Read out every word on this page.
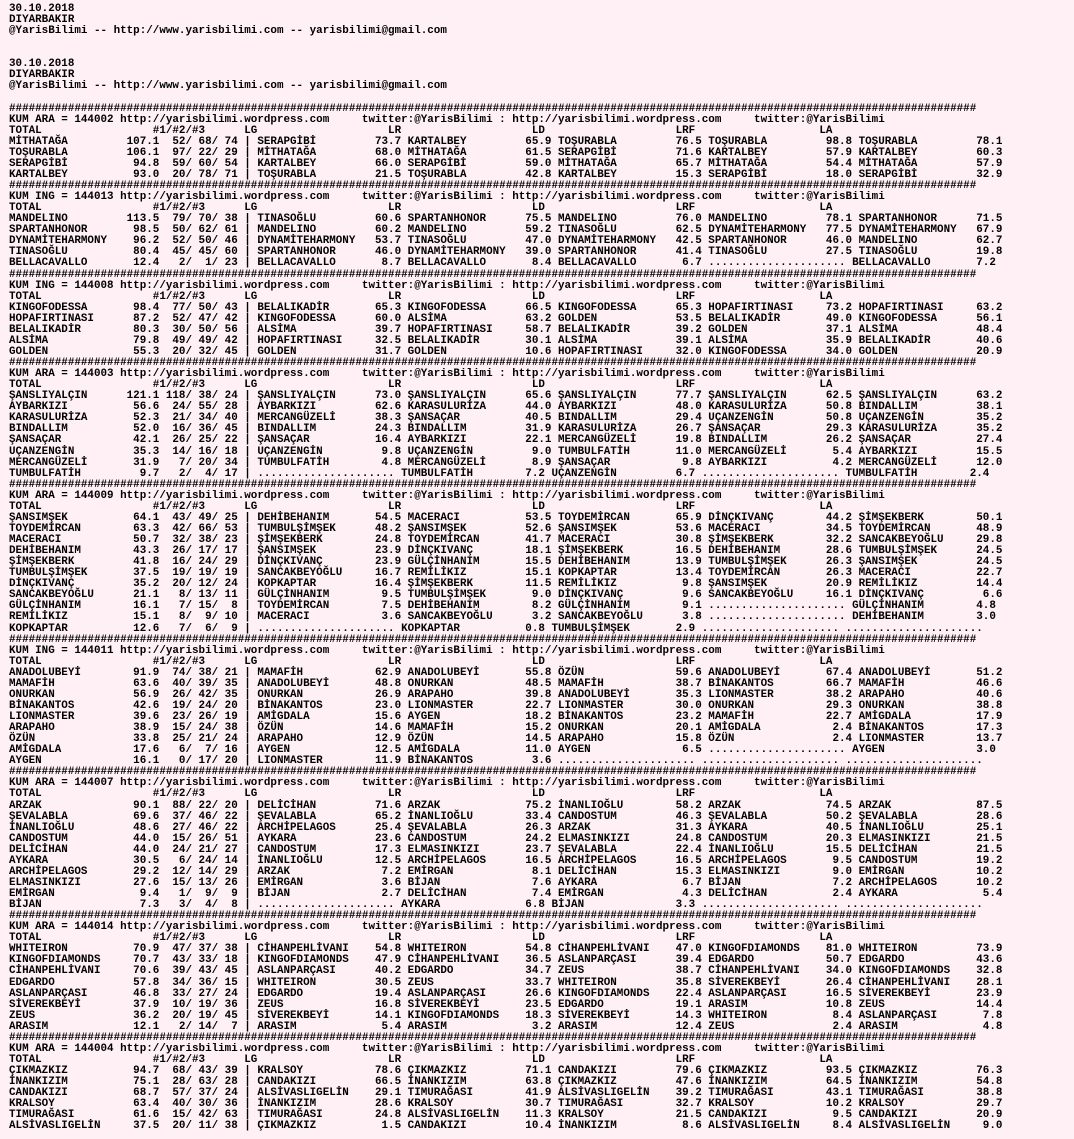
30.10.2018
DIYARBAKIR
@YarisBilimi -- http://www.yarisbilimi.com -- yarisbilimi@gmail.com

30.10.2018
DIYARBAKIR
@YarisBilimi -- http://www.yarisbilimi.com -- yarisbilimi@gmail.com

####################################################################################################################################################
KUM ARA = 144002 http://yarisbilimi.wordpress.com     twitter:@YarisBilimi : http://yarisbilimi.wordpress.com     twitter:@YarisBilimi
TOTAL                 #1/#2/#3      LG                    LR                    LD                    LRF                   LA
MİTHATAĞA         107.1  52/ 68/ 74 | SERAPGİBİ         73.7 KARTALBEY         65.9 TOŞURABLA         76.5 TOŞURABLA         98.8 TOŞURABLA         78.1
TOŞURABLA         106.1  97/ 22/ 29 | MİTHATAĞA         68.0 MİTHATAĞA         61.5 SERAPGİBİ         71.6 KARTALBEY         57.9 KARTALBEY         60.3
SERAPGİBİ          94.8  59/ 60/ 54 | KARTALBEY         66.0 SERAPGİBİ         59.0 MİTHATAĞA         65.7 MİTHATAĞA         54.4 MİTHATAĞA         57.9
KARTALBEY          93.0  20/ 78/ 71 | TOŞURABLA         21.5 TOŞURABLA         42.8 KARTALBEY         15.3 SERAPGİBİ         18.0 SERAPGİBİ         32.9
####################################################################################################################################################
KUM ING = 144013 http://yarisbilimi.wordpress.com     twitter:@YarisBilimi : http://yarisbilimi.wordpress.com     twitter:@YarisBilimi
TOTAL                 #1/#2/#3      LG                    LR                    LD                    LRF                   LA
MANDELINO         113.5  79/ 70/ 38 | TINASOĞLU         60.6 SPARTANHONOR      75.5 MANDELINO         76.0 MANDELINO         78.1 SPARTANHONOR      71.5
SPARTANHONOR       98.5  50/ 62/ 61 | MANDELINO         60.2 MANDELINO         59.2 TINASOĞLU         62.5 DYNAMİTEHARMONY   77.5 DYNAMİTEHARMONY   67.9
DYNAMİTEHARMONY    96.2  52/ 50/ 46 | DYNAMİTEHARMONY   53.7 TINASOĞLU         47.0 DYNAMİTEHARMONY   42.5 SPARTANHONOR      46.0 MANDELINO         62.7
TINASOĞLU          80.4  45/ 45/ 60 | SPARTANHONOR      46.0 DYNAMİTEHARMONY   39.0 SPARTANHONOR      41.4 TINASOĞLU         27.5 TINASOĞLU         19.8
BELLACAVALLO       12.4   2/  1/ 23 | BELLACAVALLO       8.7 BELLACAVALLO       8.4 BELLACAVALLO       6.7 ..................... BELLACAVALLO       7.2
####################################################################################################################################################
KUM ING = 144008 http://yarisbilimi.wordpress.com     twitter:@YarisBilimi : http://yarisbilimi.wordpress.com     twitter:@YarisBilimi
TOTAL                 #1/#2/#3      LG                    LR                    LD                    LRF                   LA
KINGOFODESSA       98.4  77/ 50/ 43 | BELALIKADİR       65.3 KINGOFODESSA      66.5 KINGOFODESSA      65.3 HOPAFIRTINASI     73.2 HOPAFIRTINASI     63.2
HOPAFIRTINASI      87.2  52/ 47/ 42 | KINGOFODESSA      60.0 ALSİMA            63.2 GOLDEN            53.5 BELALIKADİR       49.0 KINGOFODESSA      56.1
BELALIKADİR        80.3  30/ 50/ 56 | ALSİMA            39.7 HOPAFIRTINASI     58.7 BELALIKADİR       39.2 GOLDEN            37.1 ALSİMA            48.4
ALSİMA             79.8  49/ 49/ 42 | HOPAFIRTINASI     32.5 BELALIKADİR       30.1 ALSİMA            39.1 ALSİMA            35.9 BELALIKADİR       40.6
GOLDEN             55.3  20/ 32/ 45 | GOLDEN            31.7 GOLDEN            10.6 HOPAFIRTINASI     32.0 KINGOFODESSA      34.0 GOLDEN            20.9
####################################################################################################################################################
KUM ARA = 144003 http://yarisbilimi.wordpress.com     twitter:@YarisBilimi : http://yarisbilimi.wordpress.com     twitter:@YarisBilimi
TOTAL                 #1/#2/#3      LG                    LR                    LD                    LRF                   LA
ŞANSLIYALÇIN      121.1 118/ 38/ 24 | ŞANSLIYALÇIN      73.0 ŞANSLIYALÇIN      65.6 ŞANSLIYALÇIN      77.7 ŞANSLIYALÇIN      62.5 ŞANSLIYALÇIN      63.2
AYBARKIZI          56.6  24/ 55/ 28 | AYBARKIZI         62.6 KARASULURİZA      44.0 AYBARKIZI         48.0 KARASULURİZA      50.8 BINDALLIM         38.1
KARASULURİZA       52.3  21/ 34/ 40 | MERCANGÜZELİ      38.3 ŞANSAÇAR          40.5 BINDALLIM         29.4 UÇANZENGİN        50.8 UÇANZENGİN        35.2
BINDALLIM          52.0  16/ 36/ 45 | BINDALLIM         24.3 BINDALLIM         31.9 KARASULURİZA      26.7 ŞANSAÇAR          29.3 KARASULURİZA      35.2
ŞANSAÇAR           42.1  26/ 25/ 22 | ŞANSAÇAR          16.4 AYBARKIZI         22.1 MERCANGÜZELİ      19.8 BINDALLIM         26.2 ŞANSAÇAR          27.4
UÇANZENGİN         35.3  14/ 16/ 18 | UÇANZENGİN         9.8 UÇANZENGİN         9.0 TUMBULFATİH       11.0 MERCANGÜZELİ       5.4 AYBARKIZI         15.5
MERCANGÜZELİ       31.9   7/ 20/ 34 | TUMBULFATİH        4.8 MERCANGÜZELİ       8.9 ŞANSAÇAR           9.8 AYBARKIZI          4.2 MERCANGÜZELİ      12.0
TUMBULFATİH         9.7   2/  4/ 17 | ..................... TUMBULFATİH        7.2 UÇANZENGİN         6.7 ..................... TUMBULFATİH        2.4
####################################################################################################################################################
KUM ARA = 144009 http://yarisbilimi.wordpress.com     twitter:@YarisBilimi : http://yarisbilimi.wordpress.com     twitter:@YarisBilimi
TOTAL                 #1/#2/#3      LG                    LR                    LD                    LRF                   LA
ŞANSIMŞEK          64.1  43/ 49/ 25 | DEHİBEHANIM       54.5 MACERACI          53.5 TOYDEMİRCAN       65.9 DİNÇKIVANÇ        44.2 ŞİMŞEKBERK        50.1
TOYDEMİRCAN        63.3  42/ 66/ 53 | TUMBULŞİMŞEK      48.2 ŞANSIMŞEK         52.6 ŞANSIMŞEK         53.6 MACERACI          34.5 TOYDEMİRCAN       48.9
MACERACI           50.7  32/ 38/ 23 | ŞİMŞEKBERK        24.8 TOYDEMİRCAN       41.7 MACERACI          30.8 ŞİMŞEKBERK        32.2 SANCAKBEYOĞLU     29.8
DEHİBEHANIM        43.3  26/ 17/ 17 | ŞANSIMŞEK         23.9 DİNÇKIVANÇ        18.1 ŞİMŞEKBERK        16.5 DEHİBEHANIM       28.6 TUMBULŞİMŞEK      24.5
ŞİMŞEKBERK         41.8  16/ 24/ 29 | DİNÇKIVANÇ        23.9 GÜLÇİNHANIM       15.5 DEHİBEHANIM       13.9 TUMBULŞİMŞEK      26.3 ŞANSIMŞEK         24.5
TUMBULŞİMŞEK       37.5  19/ 19/ 19 | SANCAKBEYOĞLU     16.7 REMİLİKIZ         15.1 KOPKAPTAR         13.4 TOYDEMİRCAN       26.3 MACERACI          22.7
DİNÇKIVANÇ         35.2  20/ 12/ 24 | KOPKAPTAR         16.4 ŞİMŞEKBERK        11.5 REMİLİKIZ          9.8 ŞANSIMŞEK         20.9 REMİLİKIZ         14.4
SANCAKBEYOĞLU      21.1   8/ 13/ 11 | GÜLÇİNHANIM        9.5 TUMBULŞİMŞEK       9.0 DİNÇKIVANÇ         9.6 SANCAKBEYOĞLU     16.1 DİNÇKIVANÇ         6.6
GÜLÇİNHANIM        16.1   7/ 15/  8 | TOYDEMİRCAN        7.5 DEHİBEHANIM        8.2 GÜLÇİNHANIM        9.1 ..................... GÜLÇİNHANIM        4.8
REMİLİKIZ          15.1   8/  9/ 10 | MACERACI           3.6 SANCAKBEYOĞLU      3.2 SANCAKBEYOĞLU      3.8 ..................... DEHİBEHANIM        3.0
KOPKAPTAR          12.6   7/  6/  9 | ..................... KOPKAPTAR          0.8 TUMBULŞİMŞEK       2.9 ..................... .....................
####################################################################################################################################################
KUM ING = 144011 http://yarisbilimi.wordpress.com     twitter:@YarisBilimi : http://yarisbilimi.wordpress.com     twitter:@YarisBilimi
TOTAL                 #1/#2/#3      LG                    LR                    LD                    LRF                   LA
ANADOLUBEYİ        91.9  74/ 38/ 21 | MAMAFİH           62.9 ANADOLUBEYİ       55.8 ÖZÜN              59.6 ANADOLUBEYİ       67.4 ANADOLUBEYİ       51.2
MAMAFİH            63.6  40/ 39/ 35 | ANADOLUBEYİ       48.8 ONURKAN           48.5 MAMAFİH           38.7 BİNAKANTOS        66.7 MAMAFİH           46.6
ONURKAN            56.9  26/ 42/ 35 | ONURKAN           26.9 ARAPAHO           39.8 ANADOLUBEYİ       35.3 LIONMASTER        38.2 ARAPAHO           40.6
BİNAKANTOS         42.6  19/ 24/ 20 | BİNAKANTOS        23.0 LIONMASTER        22.7 LIONMASTER        30.0 ONURKAN           29.3 ONURKAN           38.8
LIONMASTER         39.6  23/ 26/ 19 | AMİGDALA          15.6 AYGEN             18.2 BİNAKANTOS        23.2 MAMAFİH           22.7 AMİGDALA          17.9
ARAPAHO            38.9  15/ 24/ 38 | ÖZÜN              14.6 MAMAFİH           15.2 ONURKAN           20.1 AMİGDALA           2.4 BİNAKANTOS        17.3
ÖZÜN               33.8  25/ 21/ 24 | ARAPAHO           12.9 ÖZÜN              14.5 ARAPAHO           15.8 ÖZÜN               2.4 LIONMASTER        13.7
AMİGDALA           17.6   6/  7/ 16 | AYGEN             12.5 AMİGDALA          11.0 AYGEN              6.5 ..................... AYGEN              3.0
AYGEN              16.1   0/ 17/ 20 | LIONMASTER        11.9 BİNAKANTOS         3.6 ..................... ..................... .....................
####################################################################################################################################################
KUM ARA = 144007 http://yarisbilimi.wordpress.com     twitter:@YarisBilimi : http://yarisbilimi.wordpress.com     twitter:@YarisBilimi
TOTAL                 #1/#2/#3      LG                    LR                    LD                    LRF                   LA
ARZAK              90.1  88/ 22/ 20 | DELİCİHAN         71.6 ARZAK             75.2 İNANLIOĞLU        58.2 ARZAK             74.5 ARZAK             87.5
ŞEVALABLA          69.6  37/ 46/ 22 | ŞEVALABLA         65.2 İNANLIOĞLU        33.4 CANDOSTUM         46.3 ŞEVALABLA         50.2 ŞEVALABLA         28.6
İNANLIOĞLU         48.6  27/ 46/ 22 | ARCHİPELAGOS      25.4 ŞEVALABLA         26.3 ARZAK             31.3 AYKARA            40.5 İNANLIOĞLU        25.1
CANDOSTUM          44.0  15/ 26/ 51 | AYKARA            23.6 CANDOSTUM         24.2 ELMASINKIZI       24.8 CANDOSTUM         20.3 ELMASINKIZI       21.5
DELİCİHAN          44.0  24/ 21/ 27 | CANDOSTUM         17.3 ELMASINKIZI       23.7 ŞEVALABLA         22.4 İNANLIOĞLU        15.5 DELİCİHAN         21.5
AYKARA             30.5   6/ 24/ 14 | İNANLIOĞLU        12.5 ARCHİPELAGOS      16.5 ARCHİPELAGOS      16.5 ARCHİPELAGOS       9.5 CANDOSTUM         19.2
ARCHİPELAGOS       29.2  12/ 14/ 29 | ARZAK              7.2 EMİRGAN            8.1 DELİCİHAN         15.3 ELMASINKIZI        9.0 EMİRGAN           10.2
ELMASINKIZI        27.6  15/ 13/ 26 | EMİRGAN            3.6 BİJAN              7.6 AYKARA             6.7 BİJAN              7.2 ARCHİPELAGOS      10.2
EMİRGAN             9.4   1/  9/  9 | BİJAN              2.7 DELİCİHAN          7.4 EMİRGAN            4.3 DELİCİHAN          2.4 AYKARA             5.4
BİJAN               7.3   3/  4/  8 | ..................... AYKARA             6.8 BİJAN              3.3 ..................... .....................
####################################################################################################################################################
KUM ARA = 144014 http://yarisbilimi.wordpress.com     twitter:@YarisBilimi : http://yarisbilimi.wordpress.com     twitter:@YarisBilimi
TOTAL                 #1/#2/#3      LG                    LR                    LD                    LRF                   LA
WHITEIRON          70.9  47/ 37/ 38 | CİHANPEHLİVANI    54.8 WHITEIRON         54.8 CİHANPEHLİVANI    47.0 KINGOFDIAMONDS    81.0 WHITEIRON         73.9
KINGOFDIAMONDS     70.7  43/ 33/ 18 | KINGOFDIAMONDS    47.9 CİHANPEHLİVANI    36.5 ASLANPARÇASI      39.4 EDGARDO           50.7 EDGARDO           43.6
CİHANPEHLİVANI     70.6  39/ 43/ 45 | ASLANPARÇASI      40.2 EDGARDO           34.7 ZEUS              38.7 CİHANPEHLİVANI    34.0 KINGOFDIAMONDS    32.8
EDGARDO            57.8  34/ 36/ 15 | WHITEIRON         30.5 ZEUS              33.7 WHITEIRON         35.8 SİVEREKBEYİ       26.4 CİHANPEHLİVANI    28.1
ASLANPARÇASI       46.8  33/ 27/ 24 | EDGARDO           19.4 ASLANPARÇASI      26.6 KINGOFDIAMONDS    22.4 ASLANPARÇASI      16.5 SİVEREKBEYİ       23.9
SİVEREKBEYİ        37.9  10/ 19/ 36 | ZEUS              16.8 SİVEREKBEYİ       23.5 EDGARDO           19.1 ARASIM            10.8 ZEUS              14.4
ZEUS               36.2  20/ 19/ 45 | SİVEREKBEYİ       14.1 KINGOFDIAMONDS    18.3 SİVEREKBEYİ       14.3 WHITEIRON          8.4 ASLANPARÇASI       7.8
ARASIM             12.1   2/ 14/  7 | ARASIM             5.4 ARASIM             3.2 ARASIM            12.4 ZEUS               2.4 ARASIM             4.8
####################################################################################################################################################
KUM ARA = 144004 http://yarisbilimi.wordpress.com     twitter:@YarisBilimi : http://yarisbilimi.wordpress.com     twitter:@YarisBilimi
TOTAL                 #1/#2/#3      LG                    LR                    LD                    LRF                   LA
ÇIKMAZKIZ          94.7  68/ 43/ 39 | KRALSOY           78.6 ÇIKMAZKIZ         71.1 CANDAKIZI         79.6 ÇIKMAZKIZ         93.5 ÇIKMAZKIZ         76.3
İNANKIZIM          75.1  28/ 63/ 28 | CANDAKIZI         66.5 İNANKIZIM         63.8 ÇIKMAZKIZ         47.6 İNANKIZIM         64.5 İNANKIZIM         54.8
CANDAKIZI          68.7  57/ 37/ 24 | ALSİVASLIGELİN    29.1 TIMURAĞASI        41.9 ALSİVASLIGELİN    39.2 TIMURAĞASI        43.1 TIMURAĞASI        38.8
KRALSOY            63.4  40/ 30/ 36 | İNANKIZIM         28.6 KRALSOY           30.7 TIMURAĞASI        32.7 KRALSOY           10.2 KRALSOY           29.7
TIMURAĞASI         61.6  15/ 42/ 63 | TIMURAĞASI        24.8 ALSİVASLIGELİN    11.3 KRALSOY           21.5 CANDAKIZI          9.5 CANDAKIZI         20.9
ALSİVASLIGELİN     37.5  20/ 11/ 38 | ÇIKMAZKIZ          1.5 CANDAKIZI         10.4 İNANKIZIM          8.6 ALSİVASLIGELİN     8.4 ALSİVASLIGELİN     9.0
